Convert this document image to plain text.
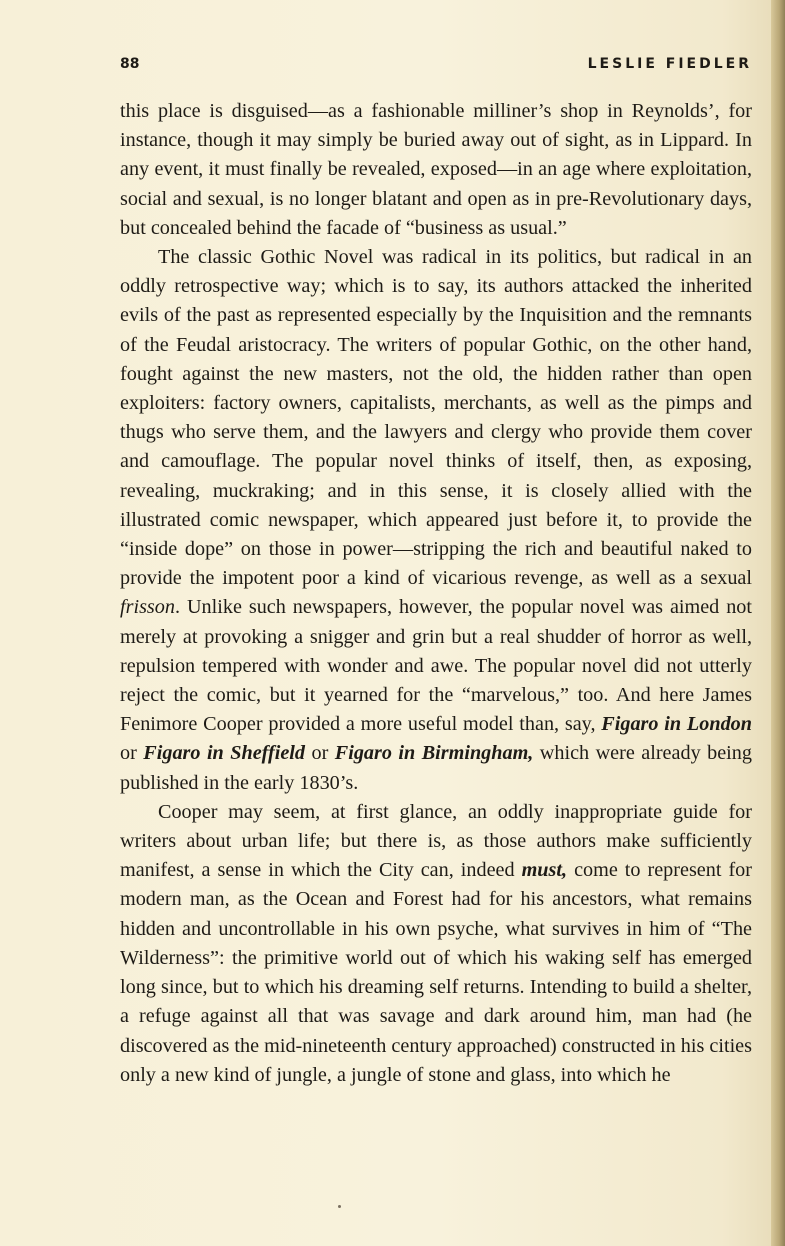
88	LESLIE FIEDLER

this place is disguised—as a fashionable milliner’s shop in Reynolds’, for instance, though it may simply be buried away out of sight, as in Lippard. In any event, it must finally be revealed, exposed—in an age where exploitation, social and sexual, is no longer blatant and open as in pre-Revolutionary days, but concealed behind the facade of “business as usual.”

The classic Gothic Novel was radical in its politics, but radical in an oddly retrospective way; which is to say, its authors attacked the inherited evils of the past as represented especially by the Inquisition and the remnants of the Feudal aristocracy. The writers of popular Gothic, on the other hand, fought against the new masters, not the old, the hidden rather than open exploiters: factory owners, capitalists, merchants, as well as the pimps and thugs who serve them, and the lawyers and clergy who provide them cover and camouflage. The popular novel thinks of itself, then, as exposing, revealing, muckraking; and in this sense, it is closely allied with the illustrated comic newspaper, which appeared just before it, to provide the “inside dope” on those in power—stripping the rich and beautiful naked to provide the impotent poor a kind of vicarious revenge, as well as a sexual frisson. Unlike such newspapers, however, the popular novel was aimed not merely at provoking a snigger and grin but a real shudder of horror as well, repulsion tempered with wonder and awe. The popular novel did not utterly reject the comic, but it yearned for the “marvelous,” too. And here James Fenimore Cooper provided a more useful model than, say, Figaro in London or Figaro in Sheffield or Figaro in Birmingham, which were already being published in the early 1830’s.

Cooper may seem, at first glance, an oddly inappropriate guide for writers about urban life; but there is, as those authors make sufficiently manifest, a sense in which the City can, indeed must, come to represent for modern man, as the Ocean and Forest had for his ancestors, what remains hidden and uncontrollable in his own psyche, what survives in him of “The Wilderness”: the primitive world out of which his waking self has emerged long since, but to which his dreaming self returns. Intending to build a shelter, a refuge against all that was savage and dark around him, man had (he discovered as the mid-nineteenth century approached) constructed in his cities only a new kind of jungle, a jungle of stone and glass, into which he
